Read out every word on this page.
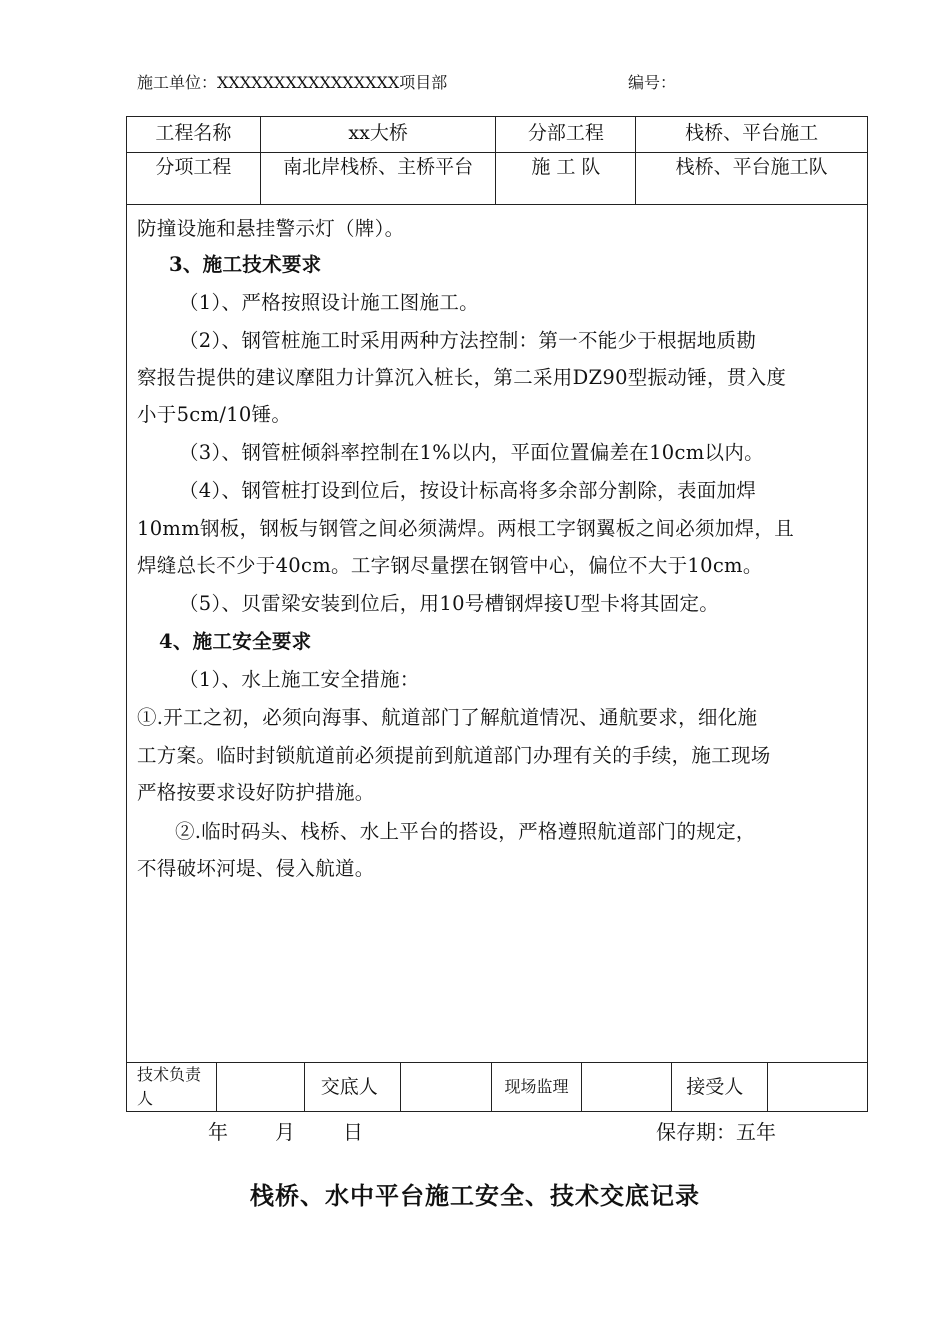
施工单位：XXXXXXXXXXXXXXXX项目部	编号：
工程名称	xx大桥	分部工程	栈桥、平台施工
分项工程	南北岸栈桥、主桥平台	施 工 队	栈桥、平台施工队
防撞设施和悬挂警示灯（牌）。
3、施工技术要求
（1）、严格按照设计施工图施工。
（2）、钢管桩施工时采用两种方法控制：第一不能少于根据地质勘
察报告提供的建议摩阻力计算沉入桩长，第二采用DZ90型振动锤，贯入度
小于5cm/10锤。
（3）、钢管桩倾斜率控制在1%以内，平面位置偏差在10cm以内。
（4）、钢管桩打设到位后，按设计标高将多余部分割除，表面加焊
10mm钢板，钢板与钢管之间必须满焊。两根工字钢翼板之间必须加焊，且
焊缝总长不少于40cm。工字钢尽量摆在钢管中心，偏位不大于10cm。
（5）、贝雷梁安装到位后，用10号槽钢焊接U型卡将其固定。
4、施工安全要求
（1）、水上施工安全措施：
①.开工之初，必须向海事、航道部门了解航道情况、通航要求，细化施
工方案。临时封锁航道前必须提前到航道部门办理有关的手续，施工现场
严格按要求设好防护措施。
②.临时码头、栈桥、水上平台的搭设，严格遵照航道部门的规定，
不得破坏河堤、侵入航道。
技术负责人		交底人		现场监理		接受人	
年 月 日	保存期：五年
栈桥、水中平台施工安全、技术交底记录
